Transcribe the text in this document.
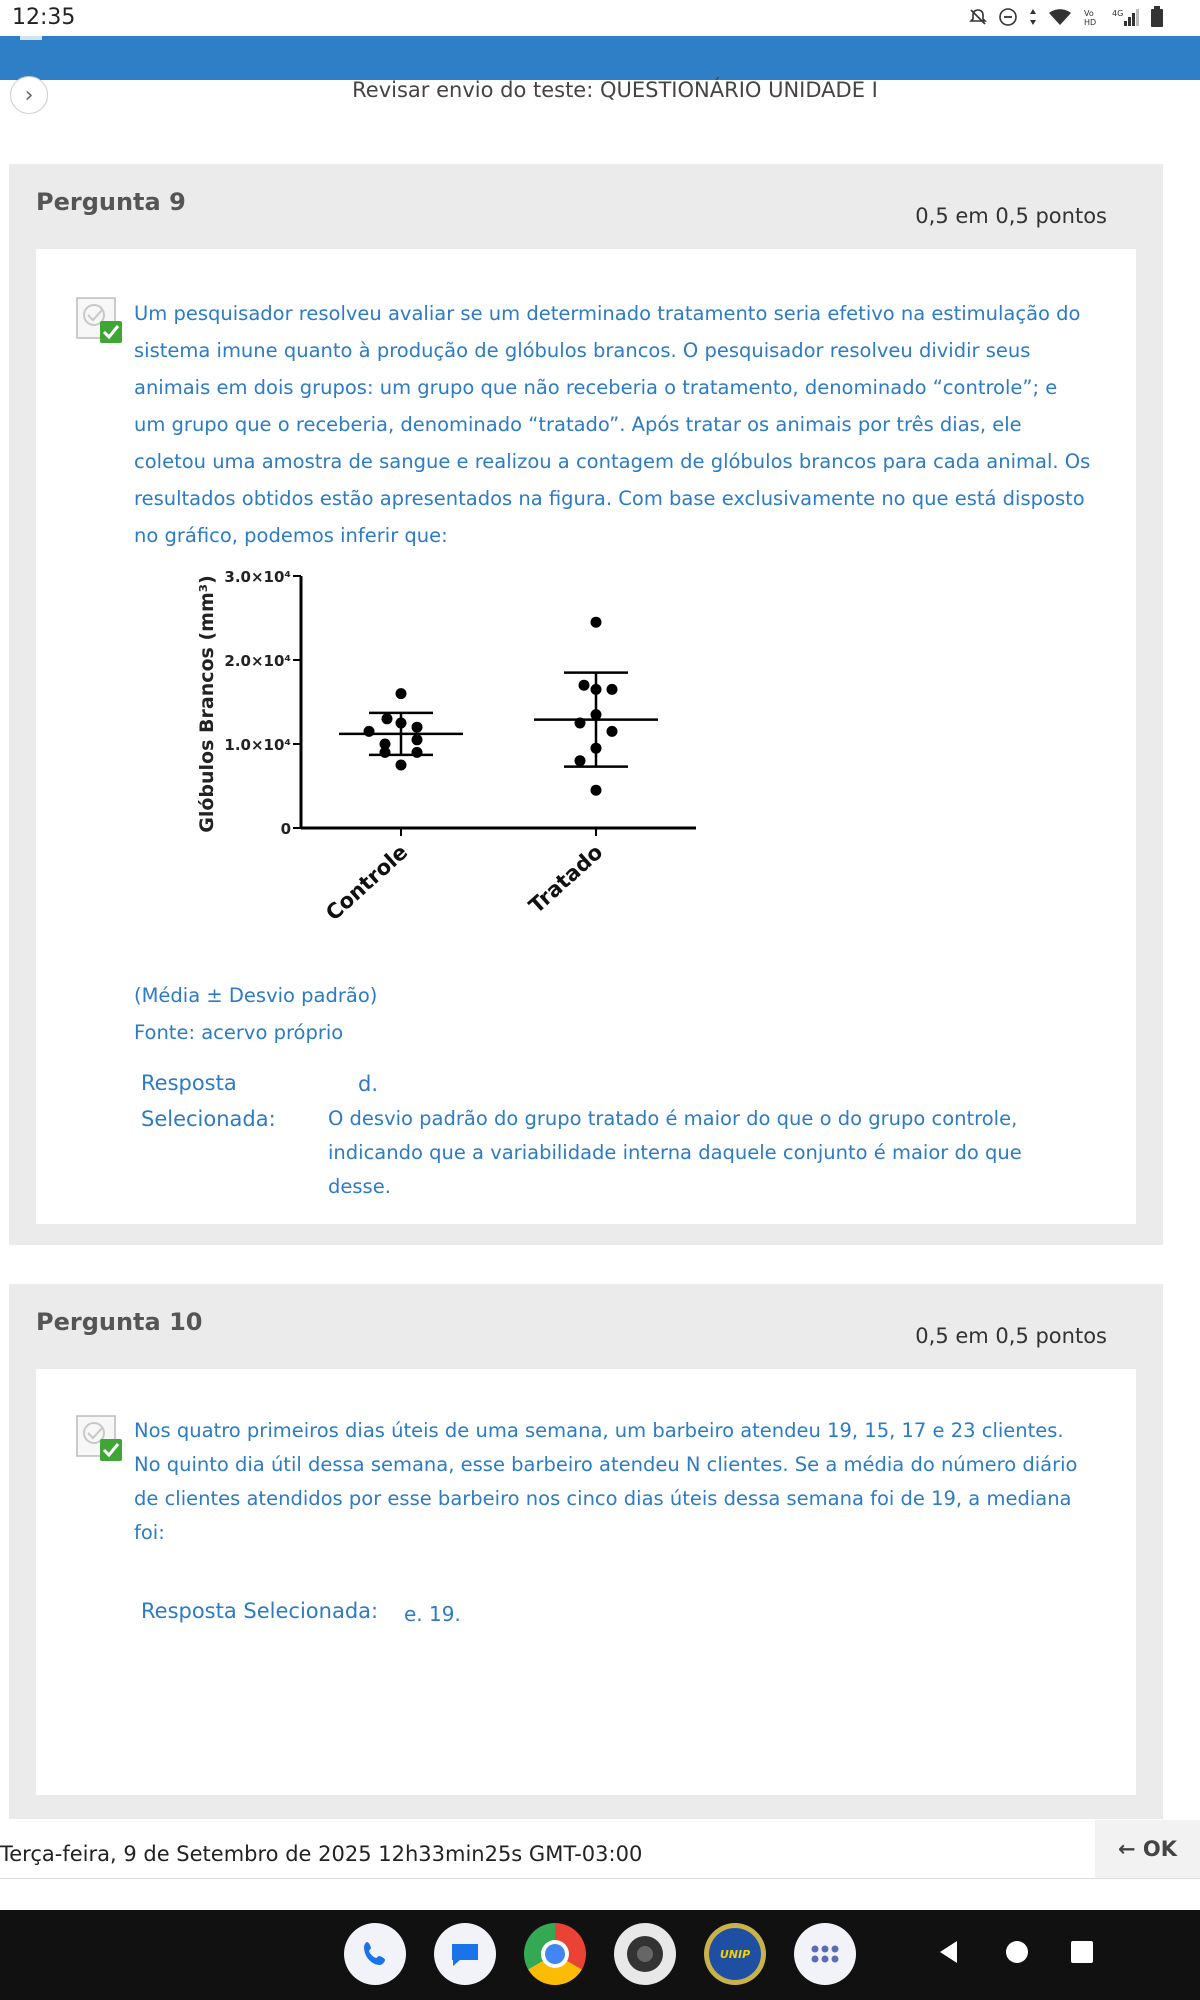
12:35	Vo
HD
4G
›	Revisar envio do teste: QUESTIONÁRIO UNIDADE I
Pergunta 9	0,5 em 0,5 pontos
Um pesquisador resolveu avaliar se um determinado tratamento seria efetivo na estimulação do sistema imune quanto à produção de glóbulos brancos. O pesquisador resolveu dividir seus animais em dois grupos: um grupo que não receberia o tratamento, denominado “controle”; e um grupo que o receberia, denominado “tratado”. Após tratar os animais por três dias, ele coletou uma amostra de sangue e realizou a contagem de glóbulos brancos para cada animal. Os resultados obtidos estão apresentados na figura. Com base exclusivamente no que está disposto no gráfico, podemos inferir que:
0
1.0×10⁴
2.0×10⁴
3.0×10⁴
Controle	Tratado
Glóbulos Brancos (mm³)
(Média ± Desvio padrão)
Fonte: acervo próprio
Resposta
Selecionada:
d.
O desvio padrão do grupo tratado é maior do que o do grupo controle, indicando que a variabilidade interna daquele conjunto é maior do que desse.
Pergunta 10	0,5 em 0,5 pontos
Nos quatro primeiros dias úteis de uma semana, um barbeiro atendeu 19, 15, 17 e 23 clientes. No quinto dia útil dessa semana, esse barbeiro atendeu N clientes. Se a média do número diário de clientes atendidos por esse barbeiro nos cinco dias úteis dessa semana foi de 19, a mediana foi:
Resposta Selecionada: e. 19.
Terça-feira, 9 de Setembro de 2025 12h33min25s GMT-03:00	← OK
UNIP
